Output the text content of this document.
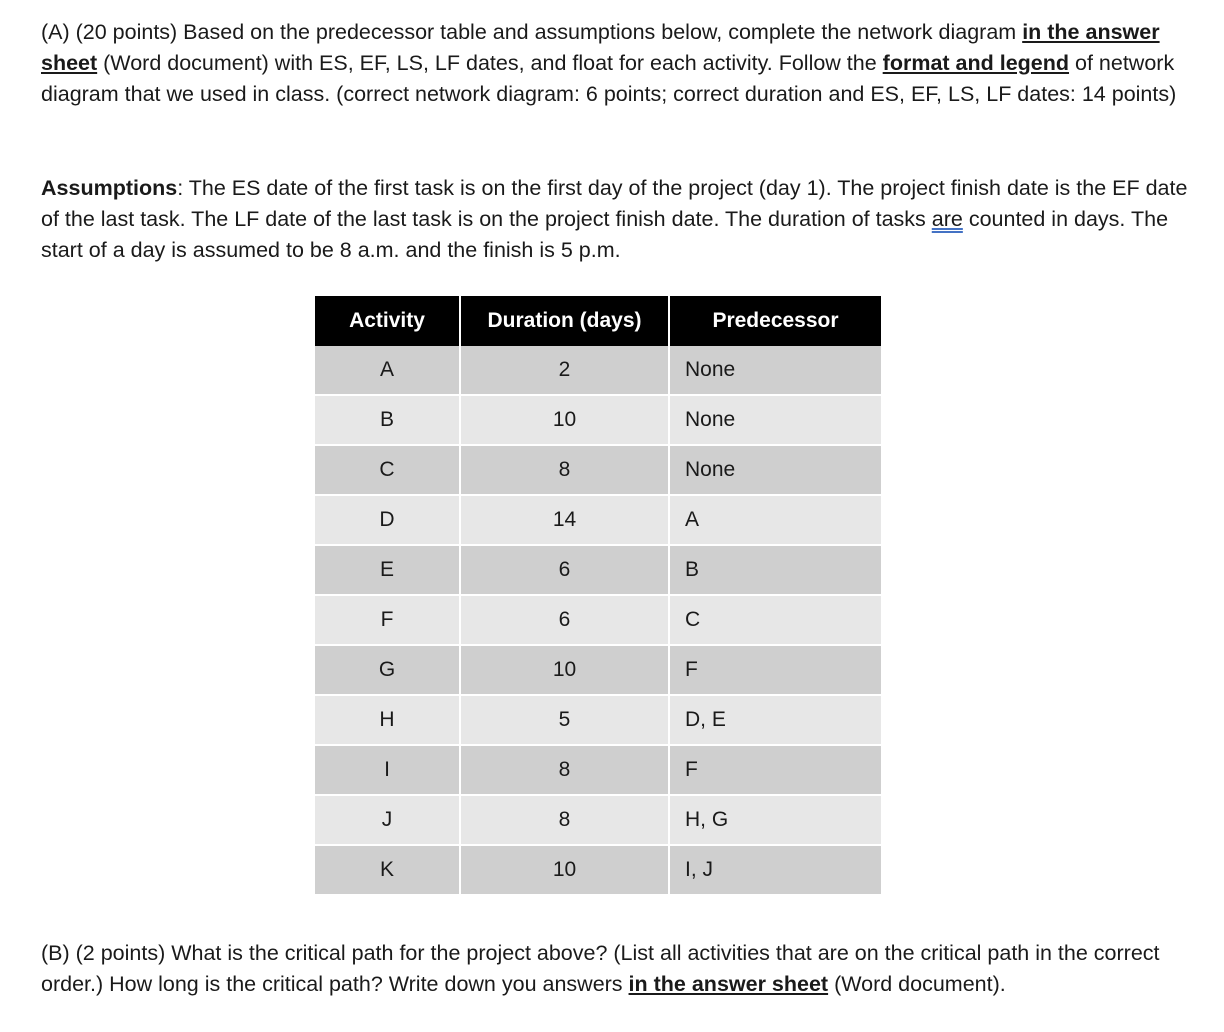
(A) (20 points) Based on the predecessor table and assumptions below, complete the network diagram in the answer sheet (Word document) with ES, EF, LS, LF dates, and float for each activity. Follow the format and legend of network diagram that we used in class. (correct network diagram: 6 points; correct duration and ES, EF, LS, LF dates: 14 points)

Assumptions: The ES date of the first task is on the first day of the project (day 1). The project finish date is the EF date of the last task. The LF date of the last task is on the project finish date. The duration of tasks are counted in days. The start of a day is assumed to be 8 a.m. and the finish is 5 p.m.

Activity	Duration (days)	Predecessor
A	2	None
B	10	None
C	8	None
D	14	A
E	6	B
F	6	C
G	10	F
H	5	D, E
I	8	F
J	8	H, G
K	10	I, J

(B) (2 points) What is the critical path for the project above? (List all activities that are on the critical path in the correct order.) How long is the critical path? Write down you answers in the answer sheet (Word document).
